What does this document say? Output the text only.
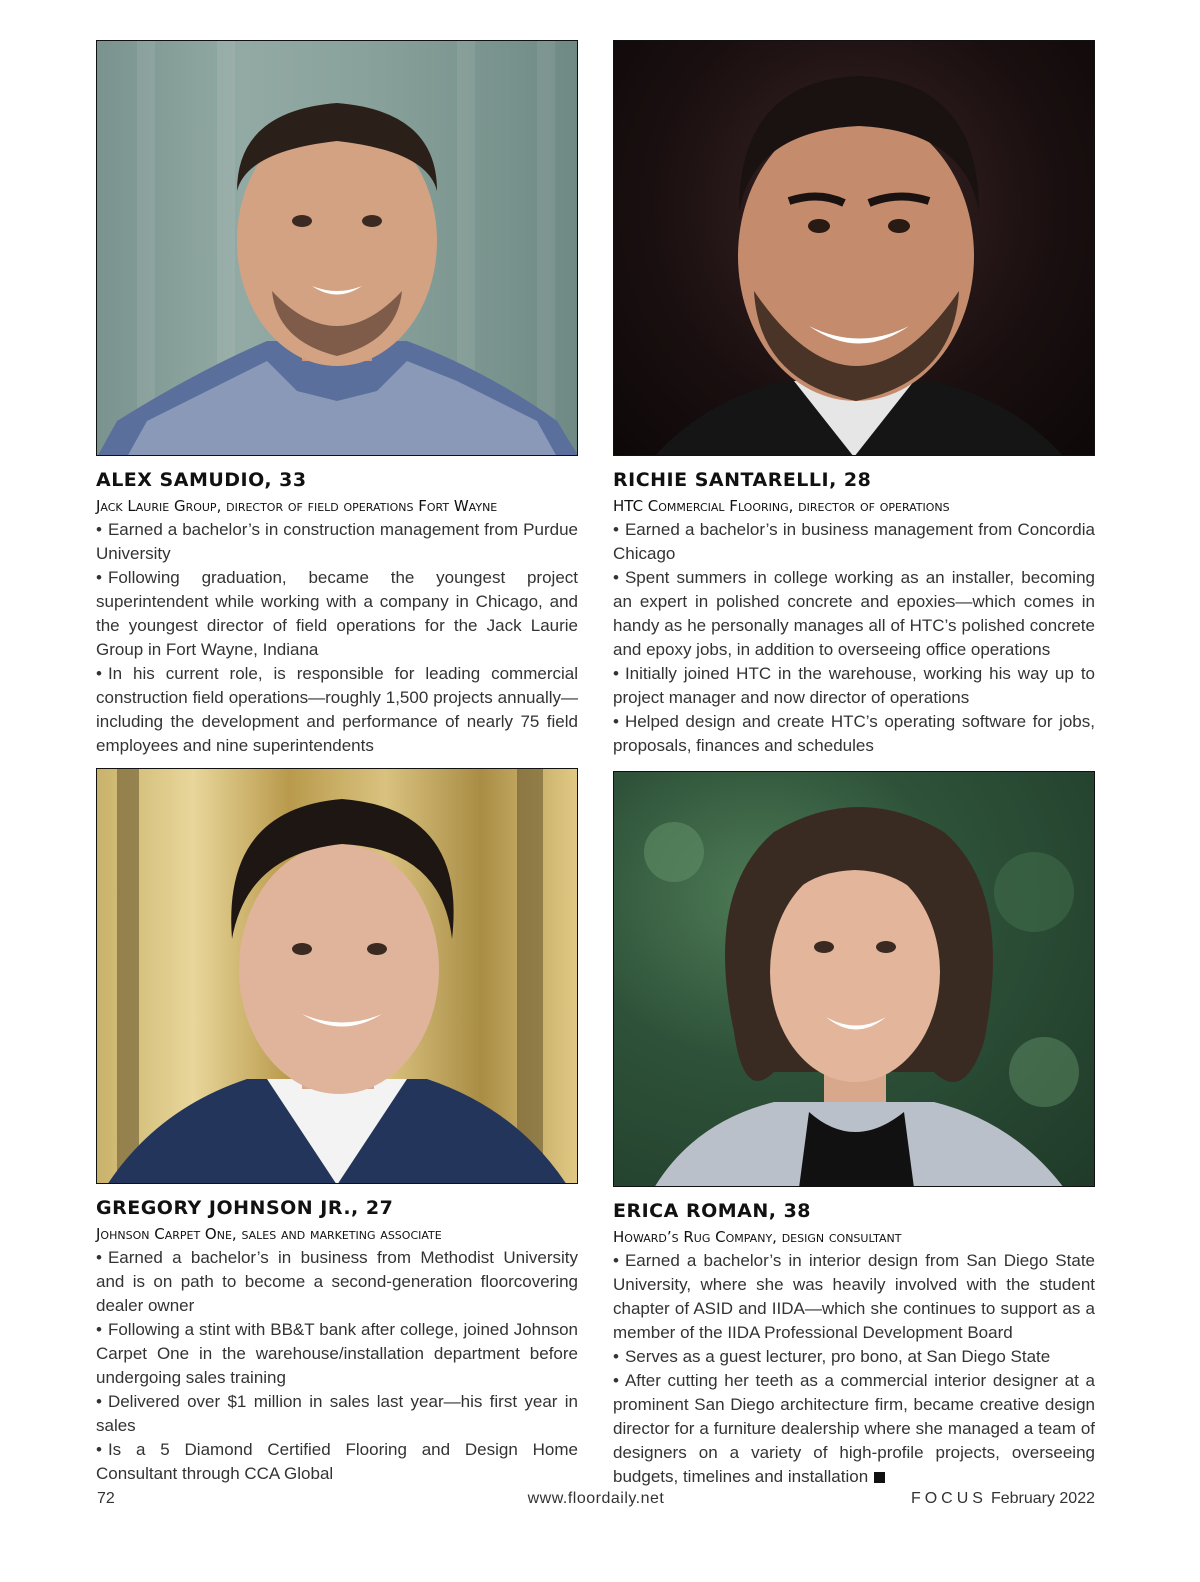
ALEX SAMUDIO, 33
Jack Laurie Group, director of field operations Fort Wayne

• Earned a bachelor’s in construction management from Purdue University

• Following graduation, became the youngest project superintendent while working with a company in Chicago, and the youngest director of field operations for the Jack Laurie Group in Fort Wayne, Indiana

• In his current role, is responsible for leading commercial construction field operations—roughly 1,500 projects annually—including the development and performance of nearly 75 field employees and nine superintendents

RICHIE SANTARELLI, 28
HTC Commercial Flooring, director of operations

• Earned a bachelor’s in business management from Concordia Chicago

• Spent summers in college working as an installer, becoming an expert in polished concrete and epoxies—which comes in handy as he personally manages all of HTC’s polished concrete and epoxy jobs, in addition to overseeing office operations

• Initially joined HTC in the warehouse, working his way up to project manager and now director of operations

• Helped design and create HTC’s operating software for jobs, proposals, finances and schedules

GREGORY JOHNSON JR., 27
Johnson Carpet One, sales and marketing associate

• Earned a bachelor’s in business from Methodist University and is on path to become a second-generation floorcovering dealer owner

• Following a stint with BB&T bank after college, joined Johnson Carpet One in the warehouse/installation department before undergoing sales training

• Delivered over $1 million in sales last year—his first year in sales

• Is a 5 Diamond Certified Flooring and Design Home Consultant through CCA Global

ERICA ROMAN, 38
Howard’s Rug Company, design consultant

• Earned a bachelor’s in interior design from San Diego State University, where she was heavily involved with the student chapter of ASID and IIDA—which she continues to support as a member of the IIDA Professional Development Board

• Serves as a guest lecturer, pro bono, at San Diego State

• After cutting her teeth as a commercial interior designer at a prominent San Diego architecture firm, became creative design director for a furniture dealership where she managed a team of designers on a variety of high-profile projects, overseeing budgets, timelines and installation

72	www.floordaily.net	FOCUS February 2022
